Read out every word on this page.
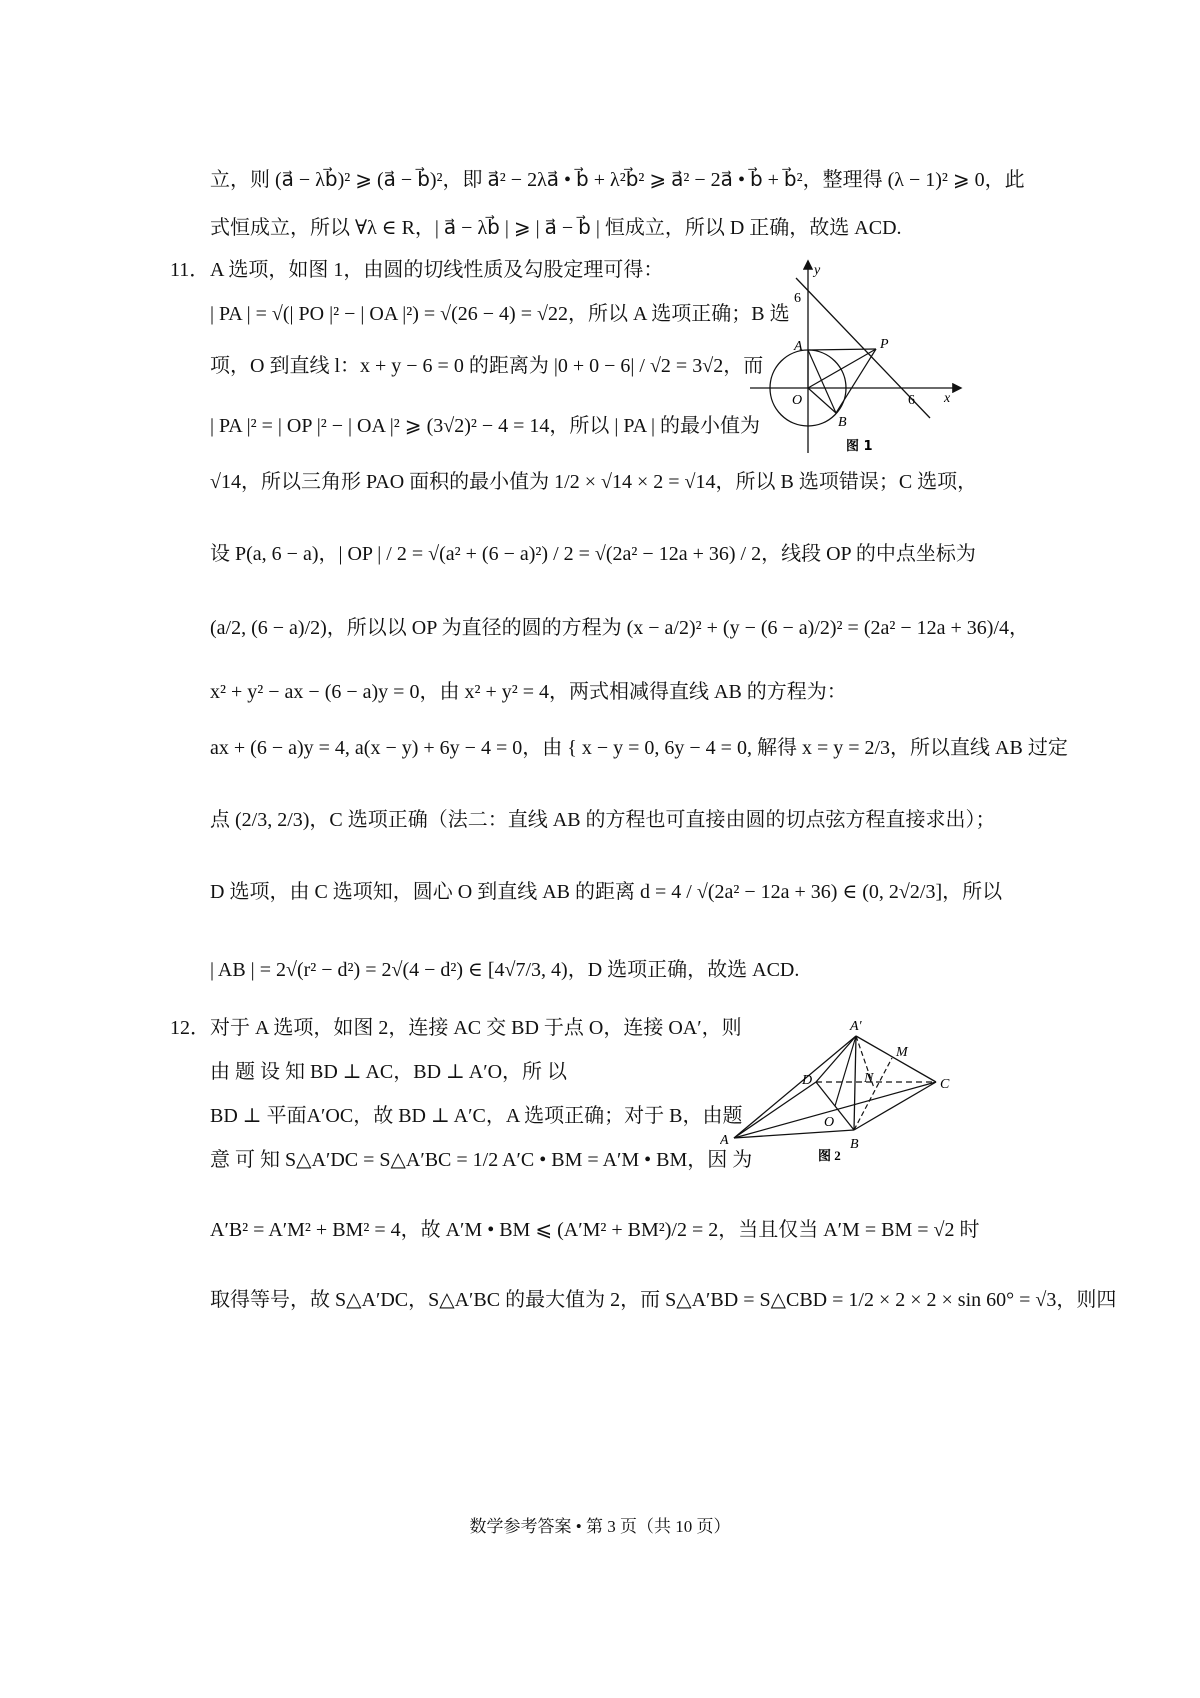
立，则 (a⃗ − λb⃗)² ⩾ (a⃗ − b⃗)²，即 a⃗² − 2λa⃗ • b⃗ + λ²b⃗² ⩾ a⃗² − 2a⃗ • b⃗ + b⃗²，整理得 (λ − 1)² ⩾ 0，此
式恒成立，所以 ∀λ ∈ R，| a⃗ − λb⃗ | ⩾ | a⃗ − b⃗ | 恒成立，所以 D 正确，故选 ACD.
11． A 选项，如图 1，由圆的切线性质及勾股定理可得：
| PA | = √(| PO |² − | OA |²) = √(26 − 4) = √22，所以 A 选项正确；B 选
项，O 到直线 l：x + y − 6 = 0 的距离为 |0 + 0 − 6| / √2 = 3√2，而
| PA |² = | OP |² − | OA |² ⩾ (3√2)² − 4 = 14，所以 | PA | 的最小值为
y
6
A	P
O
B
6 x
图 1
√14，所以三角形 PAO 面积的最小值为 1/2 × √14 × 2 = √14，所以 B 选项错误；C 选项，
设 P(a, 6 − a)，| OP | / 2 = √(a² + (6 − a)²) / 2 = √(2a² − 12a + 36) / 2，线段 OP 的中点坐标为
(a/2, (6 − a)/2)，所以以 OP 为直径的圆的方程为 (x − a/2)² + (y − (6 − a)/2)² = (2a² − 12a + 36)/4，
x² + y² − ax − (6 − a)y = 0，由 x² + y² = 4，两式相减得直线 AB 的方程为：
ax + (6 − a)y = 4, a(x − y) + 6y − 4 = 0，由 { x − y = 0, 6y − 4 = 0, 解得 x = y = 2/3，所以直线 AB 过定
点 (2/3, 2/3)，C 选项正确（法二：直线 AB 的方程也可直接由圆的切点弦方程直接求出）；
D 选项，由 C 选项知，圆心 O 到直线 AB 的距离 d = 4 / √(2a² − 12a + 36) ∈ (0, 2√2/3]，所以
| AB | = 2√(r² − d²) = 2√(4 − d²) ∈ [4√7/3, 4)，D 选项正确，故选 ACD.
12． 对于 A 选项，如图 2，连接 AC 交 BD 于点 O，连接 OA′，则
由 题 设 知 BD ⊥ AC，BD ⊥ A′O，所 以
BD ⊥ 平面A′OC，故 BD ⊥ A′C，A 选项正确；对于 B，由题
意 可 知 S△A′DC = S△A′BC = 1/2 A′C • BM = A′M • BM，因 为
A′
M
D	N	C
O
A	B
图 2
A′B² = A′M² + BM² = 4，故 A′M • BM ⩽ (A′M² + BM²)/2 = 2，当且仅当 A′M = BM = √2 时
取得等号，故 S△A′DC，S△A′BC 的最大值为 2，而 S△A′BD = S△CBD = 1/2 × 2 × 2 × sin 60° = √3，则四
数学参考答案 • 第 3 页（共 10 页）
